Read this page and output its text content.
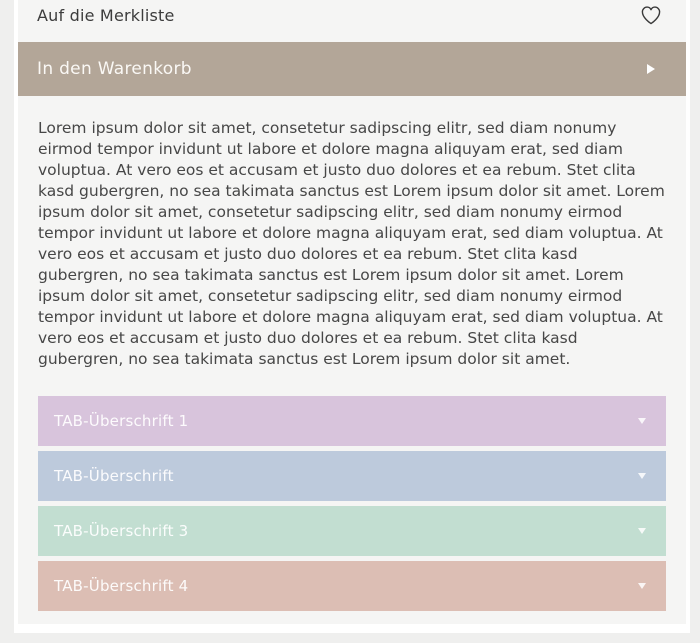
Auf die Merkliste
In den Warenkorb

Lorem ipsum dolor sit amet, consetetur sadipscing elitr, sed diam nonumy eirmod tempor invidunt ut labore et dolore magna aliquyam erat, sed diam voluptua. At vero eos et accusam et justo duo dolores et ea rebum. Stet clita kasd gubergren, no sea takimata sanctus est Lorem ipsum dolor sit amet. Lorem ipsum dolor sit amet, consetetur sadipscing elitr, sed diam nonumy eirmod tempor invidunt ut labore et dolore magna aliquyam erat, sed diam voluptua. At vero eos et accusam et justo duo dolores et ea rebum. Stet clita kasd gubergren, no sea takimata sanctus est Lorem ipsum dolor sit amet. Lorem ipsum dolor sit amet, consetetur sadipscing elitr, sed diam nonumy eirmod tempor invidunt ut labore et dolore magna aliquyam erat, sed diam voluptua. At vero eos et accusam et justo duo dolores et ea rebum. Stet clita kasd gubergren, no sea takimata sanctus est Lorem ipsum dolor sit amet.

TAB-Überschrift 1
TAB-Überschrift
TAB-Überschrift 3
TAB-Überschrift 4
